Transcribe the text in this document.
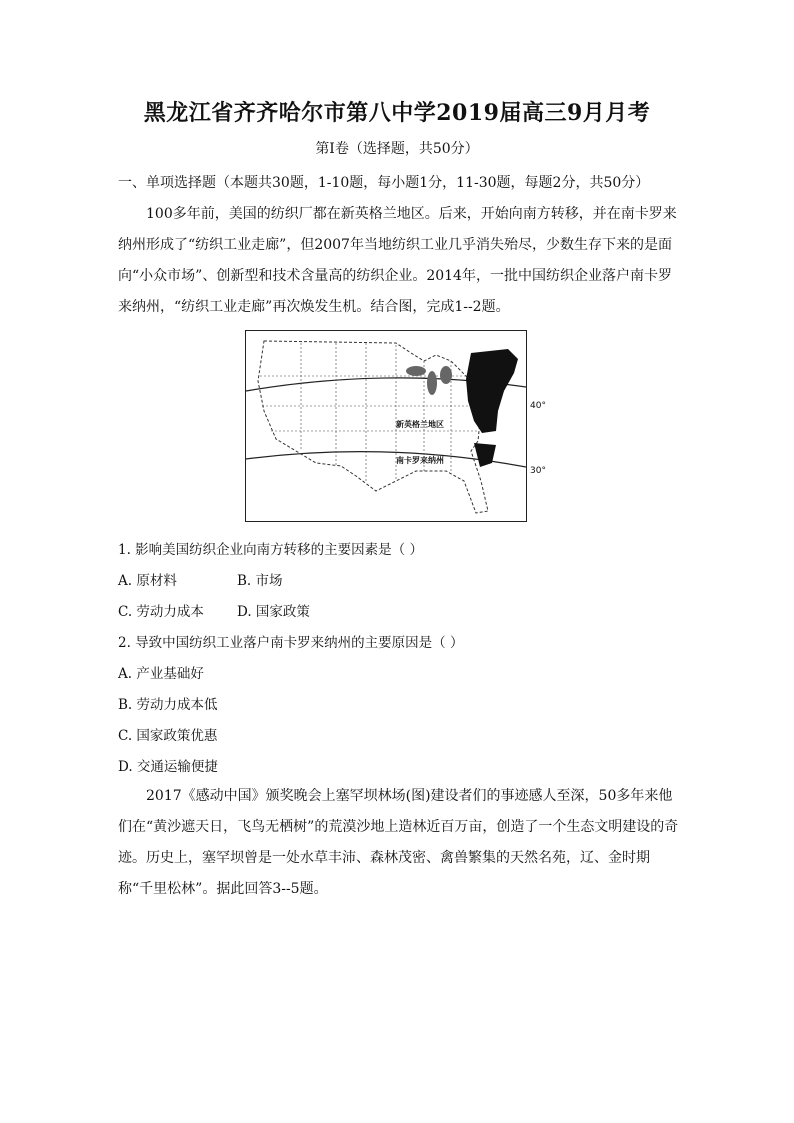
黑龙江省齐齐哈尔市第八中学2019届高三9月月考
第Ⅰ卷（选择题，共50分）
一、单项选择题（本题共30题，1-10题，每小题1分，11-30题，每题2分，共50分）
100多年前，美国的纺织厂都在新英格兰地区。后来，开始向南方转移，并在南卡罗来纳州形成了“纺织工业走廊”，但2007年当地纺织工业几乎消失殆尽，少数生存下来的是面向“小众市场”、创新型和技术含量高的纺织企业。2014年，一批中国纺织企业落户南卡罗来纳州，“纺织工业走廊”再次焕发生机。结合图，完成1--2题。
新英格兰地区
南卡罗来纳州
40°
30°
1. 影响美国纺织企业向南方转移的主要因素是（ ）
A. 原材料	B. 市场
C. 劳动力成本 D. 国家政策
2. 导致中国纺织工业落户南卡罗来纳州的主要原因是（ ）
A. 产业基础好
B. 劳动力成本低
C. 国家政策优惠
D. 交通运输便捷
2017《感动中国》颁奖晚会上塞罕坝林场(图)建设者们的事迹感人至深，50多年来他们在“黄沙遮天日，飞鸟无栖树”的荒漠沙地上造林近百万亩，创造了一个生态文明建设的奇迹。历史上，塞罕坝曾是一处水草丰沛、森林茂密、禽兽繁集的天然名苑，辽、金时期称“千里松林”。据此回答3--5题。
